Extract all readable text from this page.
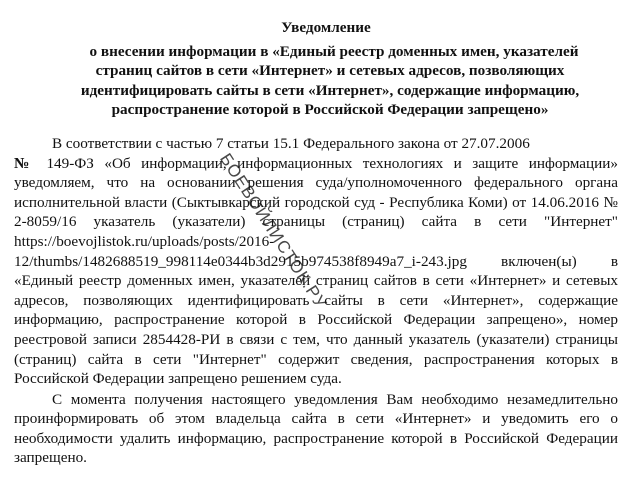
Уведомление
о внесении информации в «Единый реестр доменных имен, указателей
страниц сайтов в сети «Интернет» и сетевых адресов, позволяющих
идентифицировать сайты в сети «Интернет», содержащие информацию,
распространение которой в Российской Федерации запрещено»

В соответствии с частью 7 статьи 15.1 Федерального закона от 27.07.2006
№ 149-ФЗ «Об информации, информационных технологиях и защите информации» уведомляем, что на основании решения суда/уполномоченного федерального органа исполнительной власти (Сыктывкарский городской суд - Республика Коми) от 14.06.2016 № 2-8059/16 указатель (указатели) страницы (страниц) сайта в сети "Интернет" https://boevojlistok.ru/uploads/posts/2016-12/thumbs/1482688519_998114e0344b3d2915b974538f8949a7_i-243.jpg включен(ы) в «Единый реестр доменных имен, указателей страниц сайтов в сети «Интернет» и сетевых адресов, позволяющих идентифицировать сайты в сети «Интернет», содержащие информацию, распространение которой в Российской Федерации запрещено», номер реестровой записи 2854428-РИ в связи с тем, что данный указатель (указатели) страницы (страниц) сайта в сети "Интернет" содержит сведения, распространения которых в Российской Федерации запрещено решением суда.

С момента получения настоящего уведомления Вам необходимо незамедлительно проинформировать об этом владельца сайта в сети «Интернет» и уведомить его о необходимости удалить информацию, распространение которой в Российской Федерации запрещено.

БОЕВОЙЛИСТОК.РУ
